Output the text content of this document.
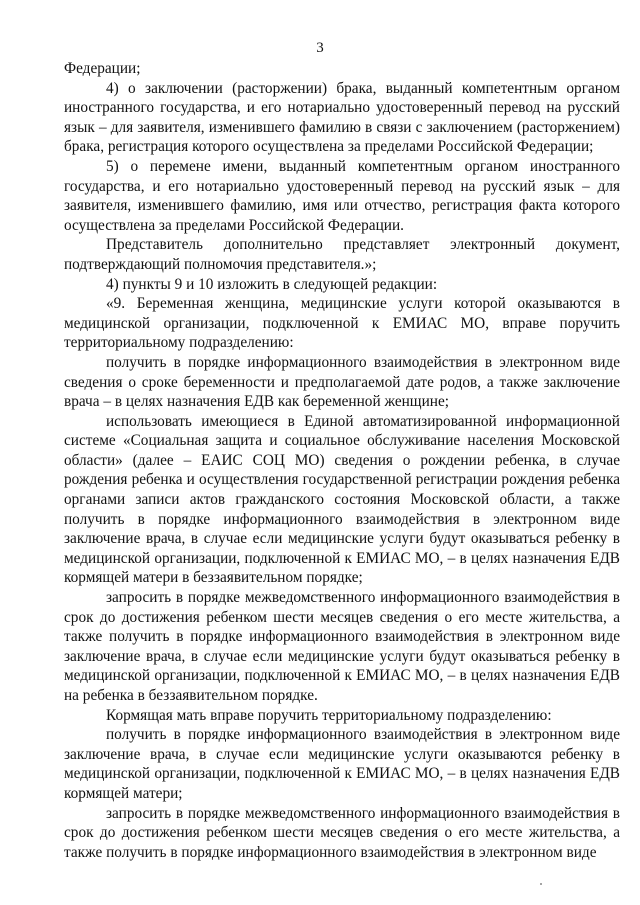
3

Федерации;

4) о заключении (расторжении) брака, выданный компетентным органом иностранного государства, и его нотариально удостоверенный перевод на русский язык – для заявителя, изменившего фамилию в связи с заключением (расторжением) брака, регистрация которого осуществлена за пределами Российской Федерации;

5) о перемене имени, выданный компетентным органом иностранного государства, и его нотариально удостоверенный перевод на русский язык – для заявителя, изменившего фамилию, имя или отчество, регистрация факта которого осуществлена за пределами Российской Федерации.

Представитель дополнительно представляет электронный документ, подтверждающий полномочия представителя.»;

4) пункты 9 и 10 изложить в следующей редакции:

«9. Беременная женщина, медицинские услуги которой оказываются в медицинской организации, подключенной к ЕМИАС МО, вправе поручить территориальному подразделению:

получить в порядке информационного взаимодействия в электронном виде сведения о сроке беременности и предполагаемой дате родов, а также заключение врача – в целях назначения ЕДВ как беременной женщине;

использовать имеющиеся в Единой автоматизированной информационной системе «Социальная защита и социальное обслуживание населения Московской области» (далее – ЕАИС СОЦ МО) сведения о рождении ребенка, в случае рождения ребенка и осуществления государственной регистрации рождения ребенка органами записи актов гражданского состояния Московской области, а также получить в порядке информационного взаимодействия в электронном виде заключение врача, в случае если медицинские услуги будут оказываться ребенку в медицинской организации, подключенной к ЕМИАС МО, – в целях назначения ЕДВ кормящей матери в беззаявительном порядке;

запросить в порядке межведомственного информационного взаимодействия в срок до достижения ребенком шести месяцев сведения о его месте жительства, а также получить в порядке информационного взаимодействия в электронном виде заключение врача, в случае если медицинские услуги будут оказываться ребенку в медицинской организации, подключенной к ЕМИАС МО, – в целях назначения ЕДВ на ребенка в беззаявительном порядке.

Кормящая мать вправе поручить территориальному подразделению:

получить в порядке информационного взаимодействия в электронном виде заключение врача, в случае если медицинские услуги оказываются ребенку в медицинской организации, подключенной к ЕМИАС МО, – в целях назначения ЕДВ кормящей матери;

запросить в порядке межведомственного информационного взаимодействия в срок до достижения ребенком шести месяцев сведения о его месте жительства, а также получить в порядке информационного взаимодействия в электронном виде
